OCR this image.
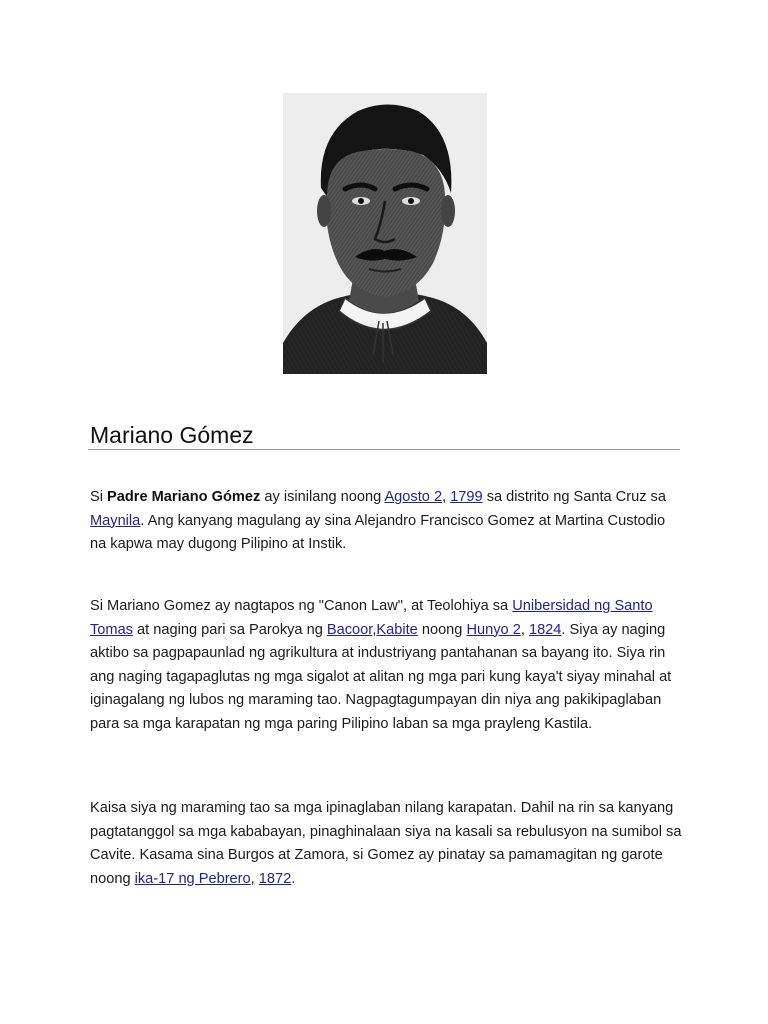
Mariano Gómez

Si Padre Mariano Gómez ay isinilang noong Agosto 2, 1799 sa distrito ng Santa Cruz sa Maynila. Ang kanyang magulang ay sina Alejandro Francisco Gomez at Martina Custodio na kapwa may dugong Pilipino at Instik.

Si Mariano Gomez ay nagtapos ng "Canon Law", at Teolohiya sa Unibersidad ng Santo Tomas at naging pari sa Parokya ng Bacoor,Kabite noong Hunyo 2, 1824. Siya ay naging aktibo sa pagpapaunlad ng agrikultura at industriyang pantahanan sa bayang ito. Siya rin ang naging tagapaglutas ng mga sigalot at alitan ng mga pari kung kaya't siyay minahal at iginagalang ng lubos ng maraming tao. Nagpagtagumpayan din niya ang pakikipaglaban para sa mga karapatan ng mga paring Pilipino laban sa mga prayleng Kastila.

Kaisa siya ng maraming tao sa mga ipinaglaban nilang karapatan. Dahil na rin sa kanyang pagtatanggol sa mga kababayan, pinaghinalaan siya na kasali sa rebulusyon na sumibol sa Cavite. Kasama sina Burgos at Zamora, si Gomez ay pinatay sa pamamagitan ng garote noong ika-17 ng Pebrero, 1872.
